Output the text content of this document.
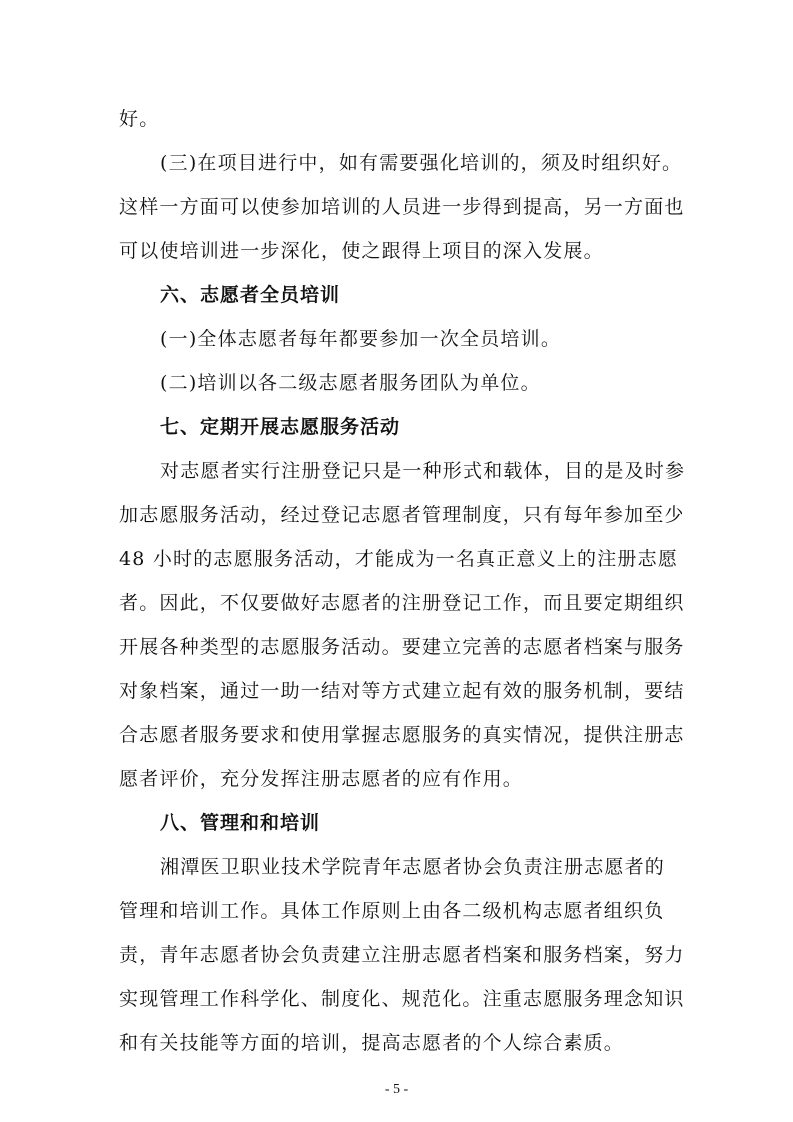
好。
(三)在项目进行中，如有需要强化培训的，须及时组织好。
这样一方面可以使参加培训的人员进一步得到提高，另一方面也
可以使培训进一步深化，使之跟得上项目的深入发展。
六、志愿者全员培训
(一)全体志愿者每年都要参加一次全员培训。
(二)培训以各二级志愿者服务团队为单位。
七、定期开展志愿服务活动
对志愿者实行注册登记只是一种形式和载体，目的是及时参
加志愿服务活动，经过登记志愿者管理制度，只有每年参加至少
48 小时的志愿服务活动，才能成为一名真正意义上的注册志愿
者。因此，不仅要做好志愿者的注册登记工作，而且要定期组织
开展各种类型的志愿服务活动。要建立完善的志愿者档案与服务
对象档案，通过一助一结对等方式建立起有效的服务机制，要结
合志愿者服务要求和使用掌握志愿服务的真实情况，提供注册志
愿者评价，充分发挥注册志愿者的应有作用。
八、管理和和培训
湘潭医卫职业技术学院青年志愿者协会负责注册志愿者的
管理和培训工作。具体工作原则上由各二级机构志愿者组织负
责，青年志愿者协会负责建立注册志愿者档案和服务档案，努力
实现管理工作科学化、制度化、规范化。注重志愿服务理念知识
和有关技能等方面的培训，提高志愿者的个人综合素质。
- 5 -
